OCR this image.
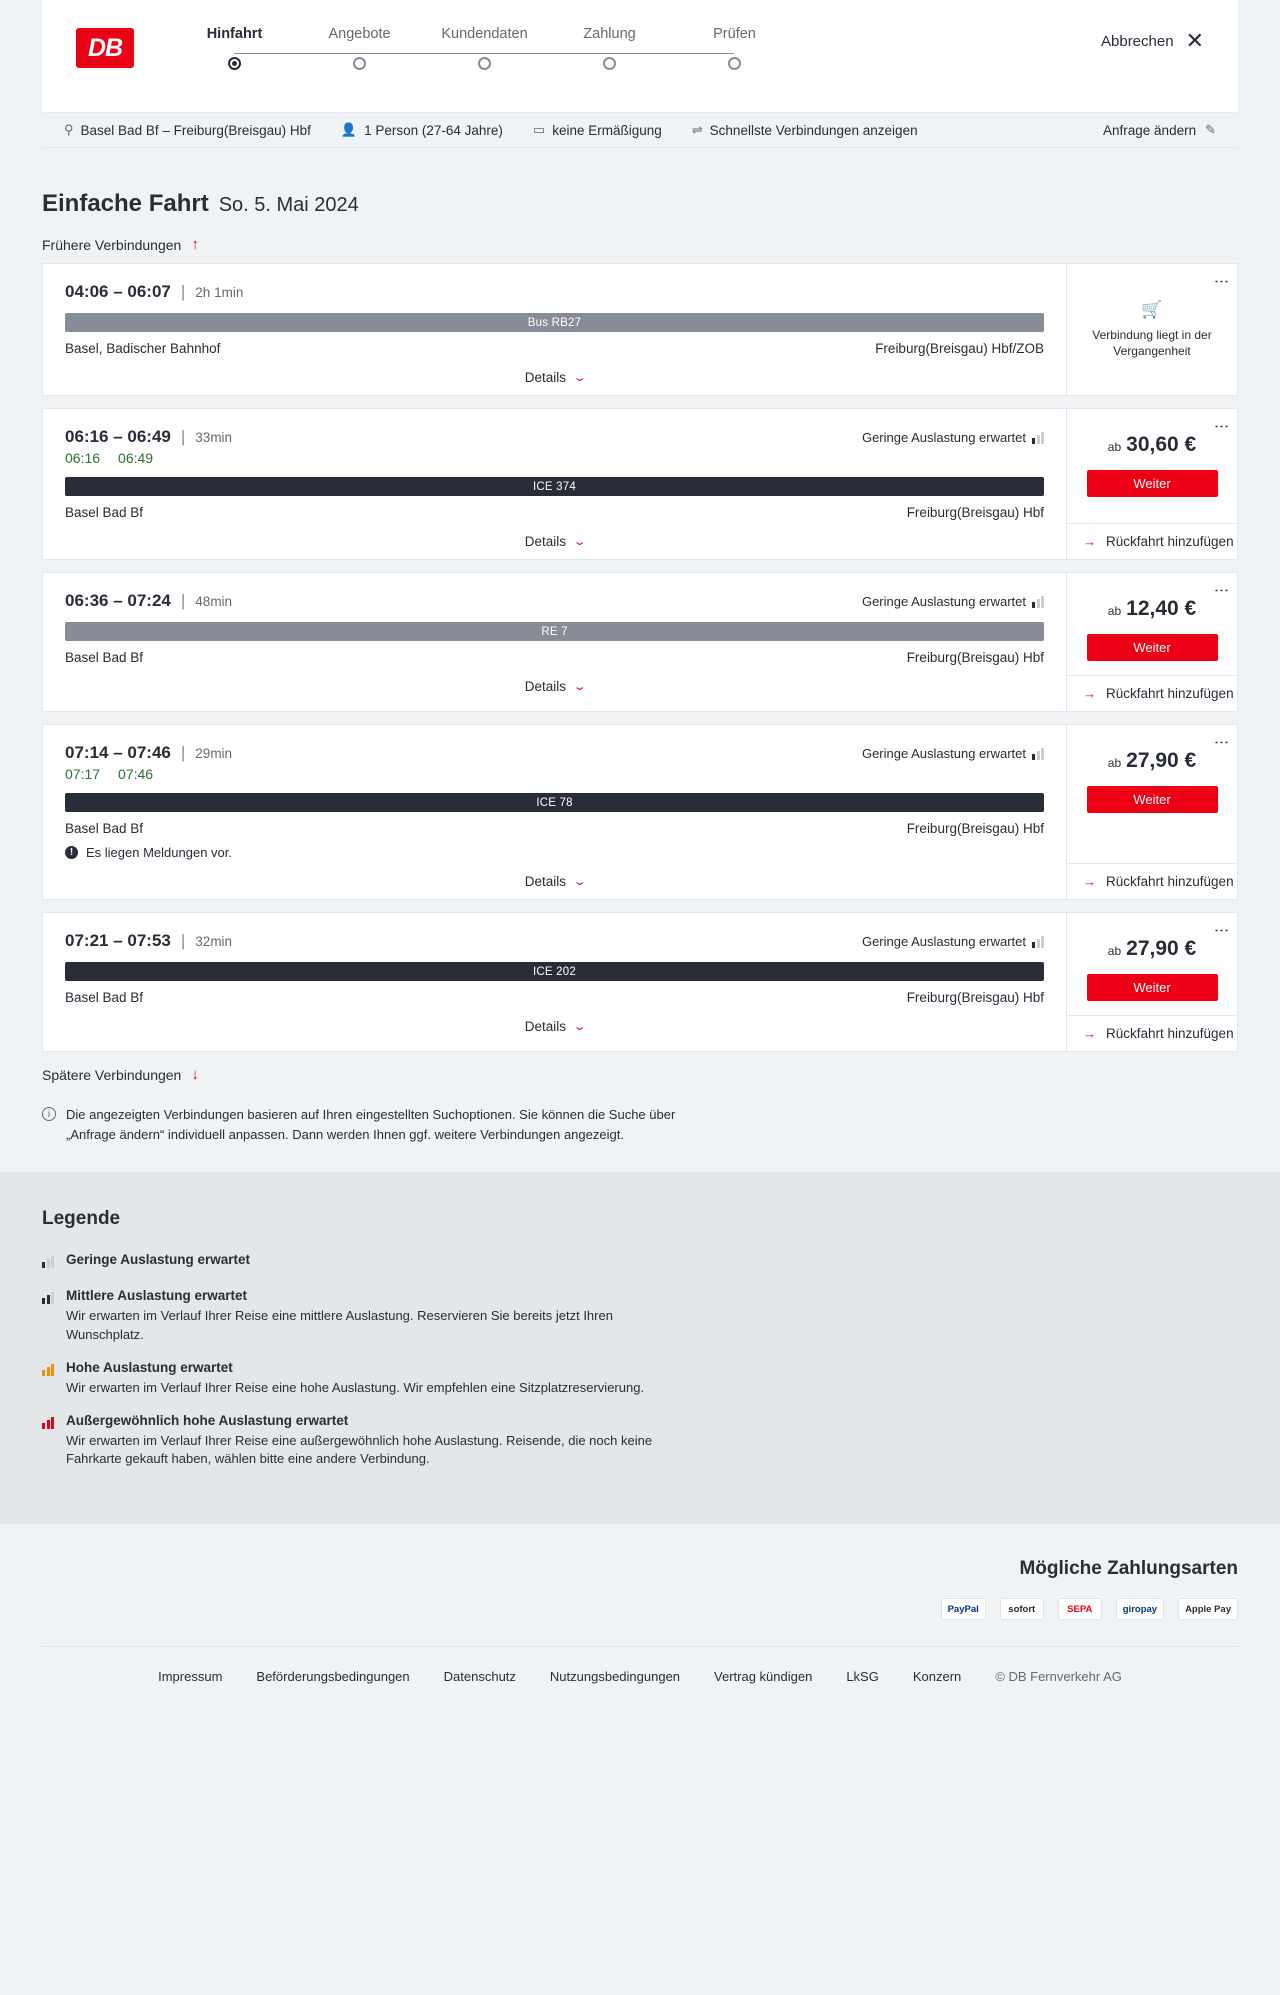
DB	Hinfahrt	Angebote	Kundendaten	Zahlung	Prüfen	Abbrechen ✕
⚲ Basel Bad Bf – Freiburg(Breisgau) Hbf 👤 1 Person (27-64 Jahre) ▭ keine Ermäßigung ⇌ Schnellste Verbindungen anzeigen	Anfrage ändern ✎
Einfache Fahrt So. 5. Mai 2024
Frühere Verbindungen ↑
04:06 – 06:07 | 2h 1min
Bus RB27
Basel, Badischer Bahnhof	Freiburg(Breisgau) Hbf/ZOB
Details ⌄
⋮
🛒
Verbindung liegt in der Vergangenheit
06:16 – 06:49 | 33min	Geringe Auslastung erwartet
06:16 06:49
ICE 374
Basel Bad Bf	Freiburg(Breisgau) Hbf
Details ⌄
⋮
ab 30,60 €
Weiter
→ Rückfahrt hinzufügen
06:36 – 07:24 | 48min	Geringe Auslastung erwartet
RE 7
Basel Bad Bf	Freiburg(Breisgau) Hbf
Details ⌄
⋮
ab 12,40 €
Weiter
→ Rückfahrt hinzufügen
07:14 – 07:46 | 29min	Geringe Auslastung erwartet
07:17 07:46
ICE 78
Basel Bad Bf	Freiburg(Breisgau) Hbf
! Es liegen Meldungen vor.
Details ⌄
⋮
ab 27,90 €
Weiter
→ Rückfahrt hinzufügen
07:21 – 07:53 | 32min	Geringe Auslastung erwartet
ICE 202
Basel Bad Bf	Freiburg(Breisgau) Hbf
Details ⌄
⋮
ab 27,90 €
Weiter
→ Rückfahrt hinzufügen
Spätere Verbindungen ↓
i	Die angezeigten Verbindungen basieren auf Ihren eingestellten Suchoptionen. Sie können die Suche über „Anfrage ändern“ individuell anpassen. Dann werden Ihnen ggf. weitere Verbindungen angezeigt.
Legende
Geringe Auslastung erwartet
Mittlere Auslastung erwartet

Wir erwarten im Verlauf Ihrer Reise eine mittlere Auslastung. Reservieren Sie bereits jetzt Ihren Wunschplatz.

Hohe Auslastung erwartet

Wir erwarten im Verlauf Ihrer Reise eine hohe Auslastung. Wir empfehlen eine Sitzplatzreservierung.

Außergewöhnlich hohe Auslastung erwartet

Wir erwarten im Verlauf Ihrer Reise eine außergewöhnlich hohe Auslastung. Reisende, die noch keine Fahrkarte gekauft haben, wählen bitte eine andere Verbindung.

Mögliche Zahlungsarten
PayPal	sofort	SEPA	giropay	Apple Pay
Impressum	Beförderungsbedingungen	Datenschutz	Nutzungsbedingungen	Vertrag kündigen	LkSG	Konzern	© DB Fernverkehr AG
